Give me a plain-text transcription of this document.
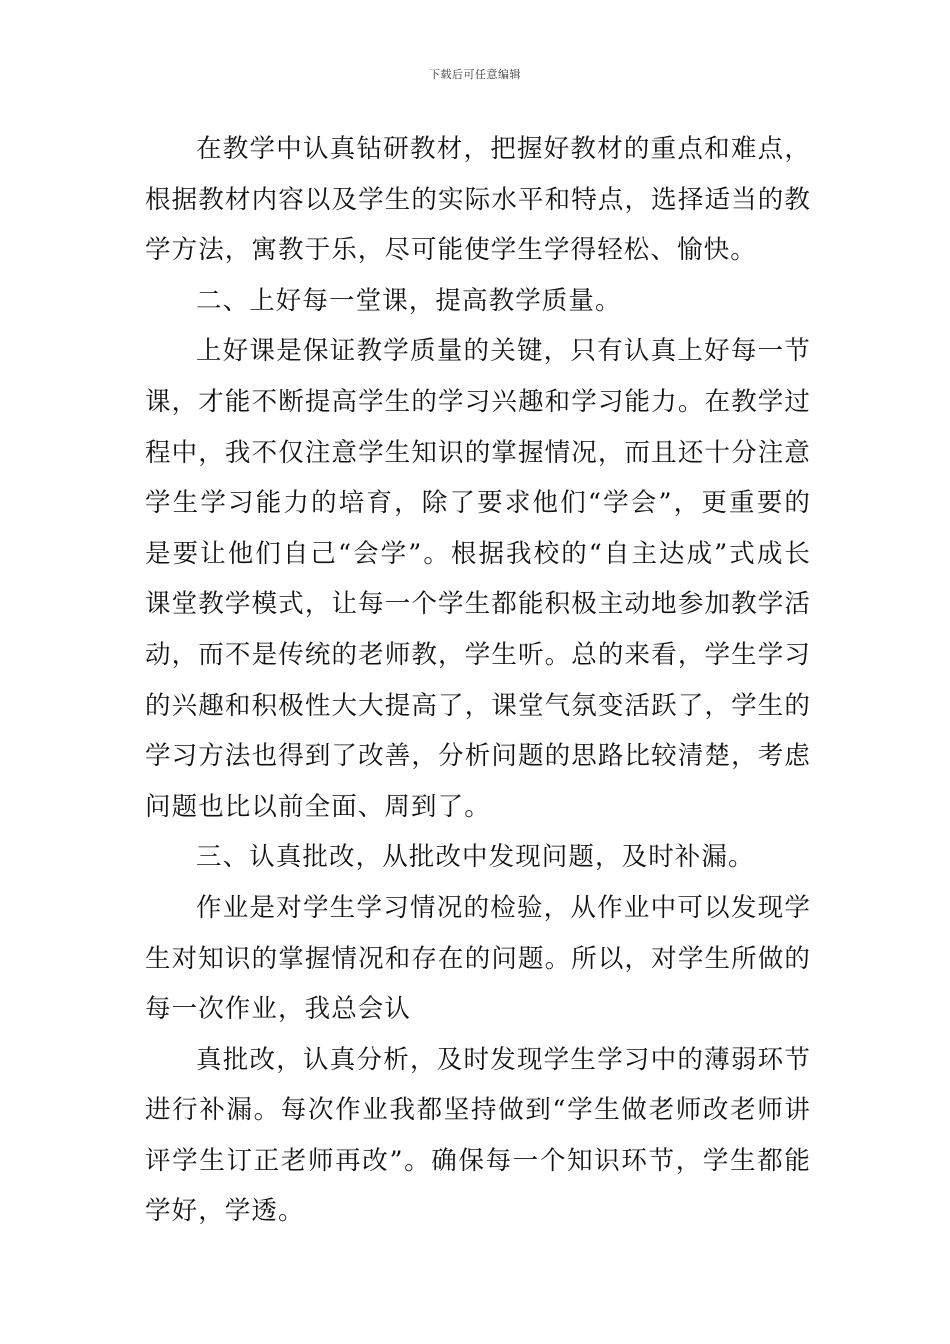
下载后可任意编辑

在教学中认真钻研教材，把握好教材的重点和难点，根据教材内容以及学生的实际水平和特点，选择适当的教学方法，寓教于乐，尽可能使学生学得轻松、愉快。

二、上好每一堂课，提高教学质量。

上好课是保证教学质量的关键，只有认真上好每一节课，才能不断提高学生的学习兴趣和学习能力。在教学过程中，我不仅注意学生知识的掌握情况，而且还十分注意学生学习能力的培育，除了要求他们“学会”，更重要的是要让他们自己“会学”。根据我校的“自主达成”式成长课堂教学模式，让每一个学生都能积极主动地参加教学活动，而不是传统的老师教，学生听。总的来看，学生学习的兴趣和积极性大大提高了，课堂气氛变活跃了，学生的学习方法也得到了改善，分析问题的思路比较清楚，考虑问题也比以前全面、周到了。

三、认真批改，从批改中发现问题，及时补漏。

作业是对学生学习情况的检验，从作业中可以发现学生对知识的掌握情况和存在的问题。所以，对学生所做的每一次作业，我总会认

真批改，认真分析，及时发现学生学习中的薄弱环节进行补漏。每次作业我都坚持做到“学生做老师改老师讲评学生订正老师再改”。确保每一个知识环节，学生都能学好，学透。
